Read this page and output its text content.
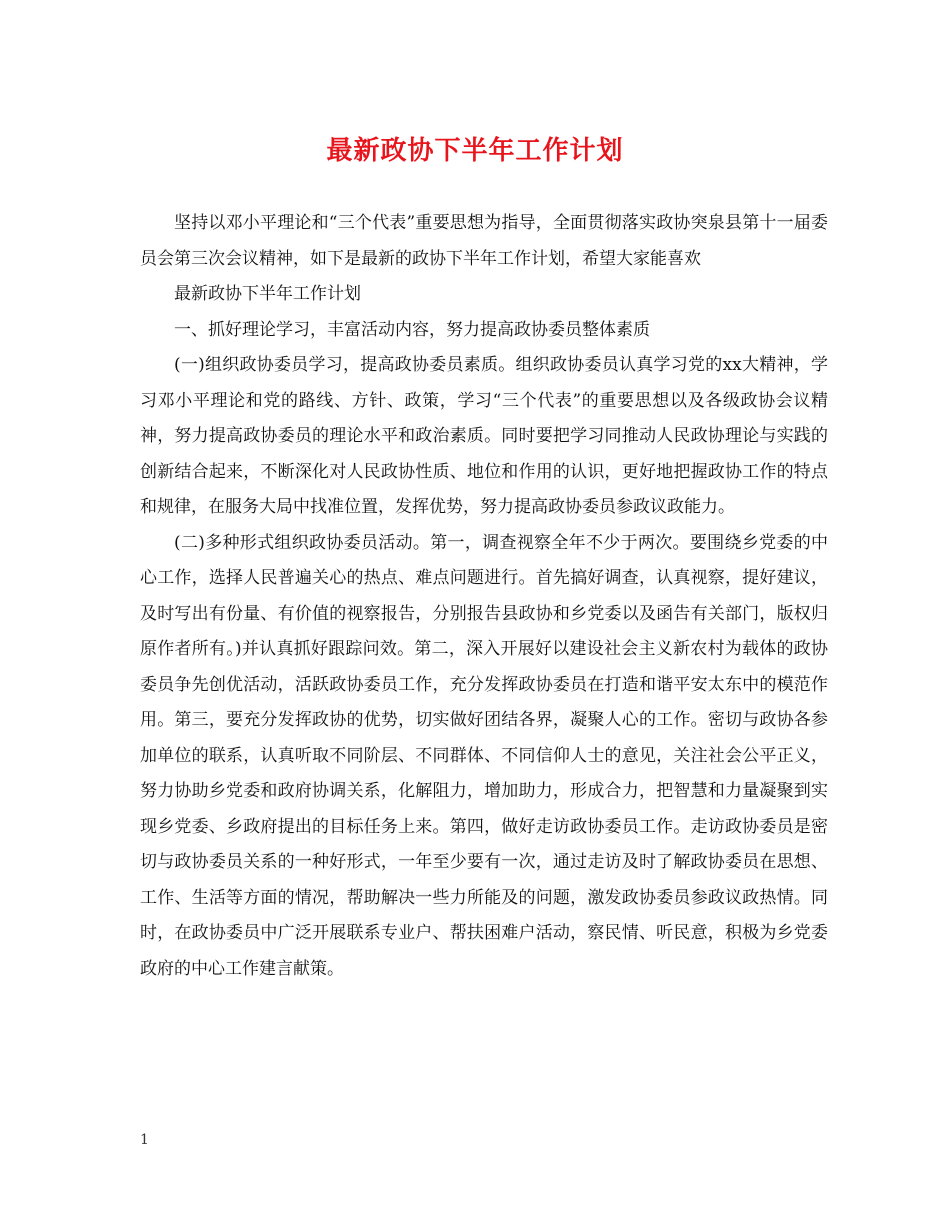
最新政协下半年工作计划

坚持以邓小平理论和“三个代表”重要思想为指导，全面贯彻落实政协突泉县第十一届委员会第三次会议精神，如下是最新的政协下半年工作计划，希望大家能喜欢

最新政协下半年工作计划

一、抓好理论学习，丰富活动内容，努力提高政协委员整体素质

(一)组织政协委员学习，提高政协委员素质。组织政协委员认真学习党的xx大精神，学习邓小平理论和党的路线、方针、政策，学习“三个代表”的重要思想以及各级政协会议精神，努力提高政协委员的理论水平和政治素质。同时要把学习同推动人民政协理论与实践的创新结合起来，不断深化对人民政协性质、地位和作用的认识，更好地把握政协工作的特点和规律，在服务大局中找准位置，发挥优势，努力提高政协委员参政议政能力。

(二)多种形式组织政协委员活动。第一，调查视察全年不少于两次。要围绕乡党委的中心工作，选择人民普遍关心的热点、难点问题进行。首先搞好调查，认真视察，提好建议，及时写出有份量、有价值的视察报告，分别报告县政协和乡党委以及函告有关部门，版权归原作者所有。)并认真抓好跟踪问效。第二，深入开展好以建设社会主义新农村为载体的政协委员争先创优活动，活跃政协委员工作，充分发挥政协委员在打造和谐平安太东中的模范作用。第三，要充分发挥政协的优势，切实做好团结各界，凝聚人心的工作。密切与政协各参加单位的联系，认真听取不同阶层、不同群体、不同信仰人士的意见，关注社会公平正义，努力协助乡党委和政府协调关系，化解阻力，增加助力，形成合力，把智慧和力量凝聚到实现乡党委、乡政府提出的目标任务上来。第四，做好走访政协委员工作。走访政协委员是密切与政协委员关系的一种好形式，一年至少要有一次，通过走访及时了解政协委员在思想、工作、生活等方面的情况，帮助解决一些力所能及的问题，激发政协委员参政议政热情。同时，在政协委员中广泛开展联系专业户、帮扶困难户活动，察民情、听民意，积极为乡党委政府的中心工作建言献策。

1
